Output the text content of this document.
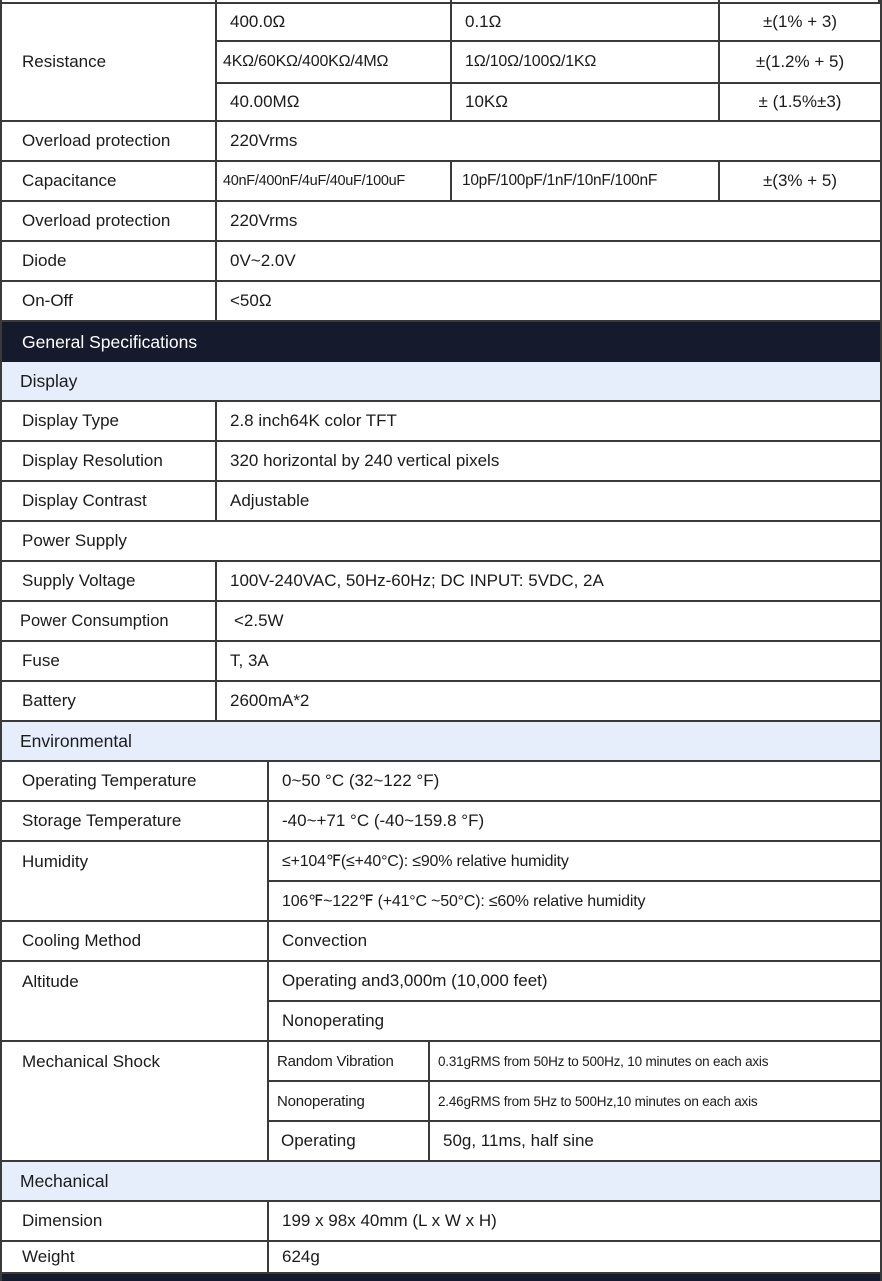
Resistance
400.0Ω	0.1Ω	±(1% + 3)
4KΩ/60KΩ/400KΩ/4MΩ	1Ω/10Ω/100Ω/1KΩ	±(1.2% + 5)
40.00MΩ	10KΩ	± (1.5%±3)
Overload protection	220Vrms
Capacitance	40nF/400nF/4uF/40uF/100uF	10pF/100pF/1nF/10nF/100nF	±(3% + 5)
Overload protection	220Vrms
Diode	0V~2.0V
On-Off	<50Ω
General Specifications
Display
Display Type	2.8 inch64K color TFT
Display Resolution	320 horizontal by 240 vertical pixels
Display Contrast	Adjustable
Power Supply
Supply Voltage	100V-240VAC, 50Hz-60Hz; DC INPUT: 5VDC, 2A
Power Consumption	<2.5W
Fuse	T, 3A
Battery	2600mA*2
Environmental
Operating Temperature	0~50 °C (32~122 °F)
Storage Temperature	-40~+71 °C (-40~159.8 °F)
Humidity	≤+104℉(≤+40°C): ≤90% relative humidity
106℉~122℉ (+41°C ~50°C): ≤60% relative humidity
Cooling Method	Convection
Altitude	Operating and3,000m (10,000 feet)
Nonoperating
Mechanical Shock	Random Vibration	0.31gRMS from 50Hz to 500Hz, 10 minutes on each axis
Nonoperating	2.46gRMS from 5Hz to 500Hz,10 minutes on each axis
Operating	50g, 11ms, half sine
Mechanical
Dimension	199 x 98x 40mm (L x W x H)
Weight	624g
